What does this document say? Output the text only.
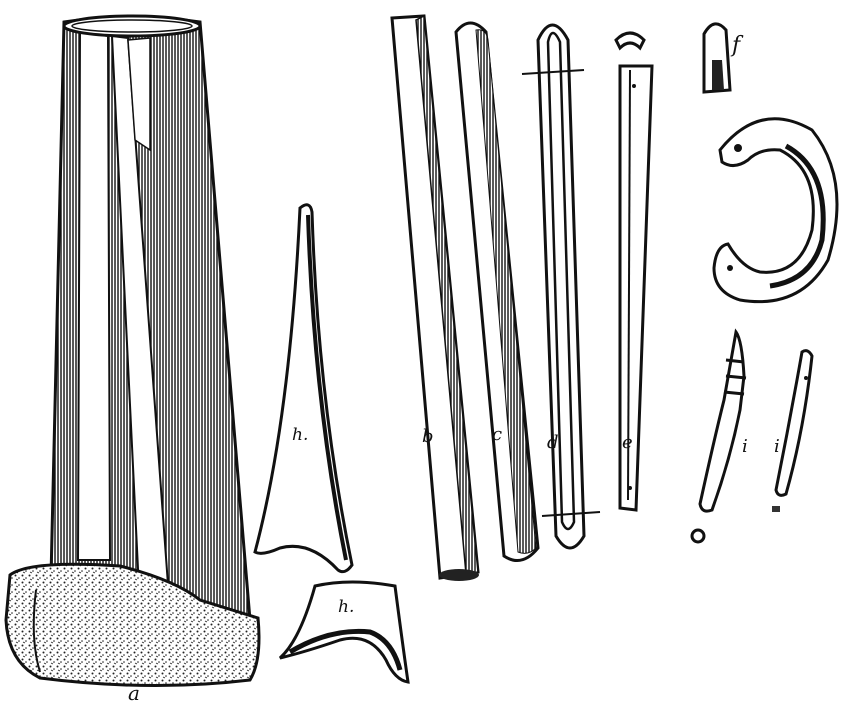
a
h.
h.
b	c d	e
f
i i
